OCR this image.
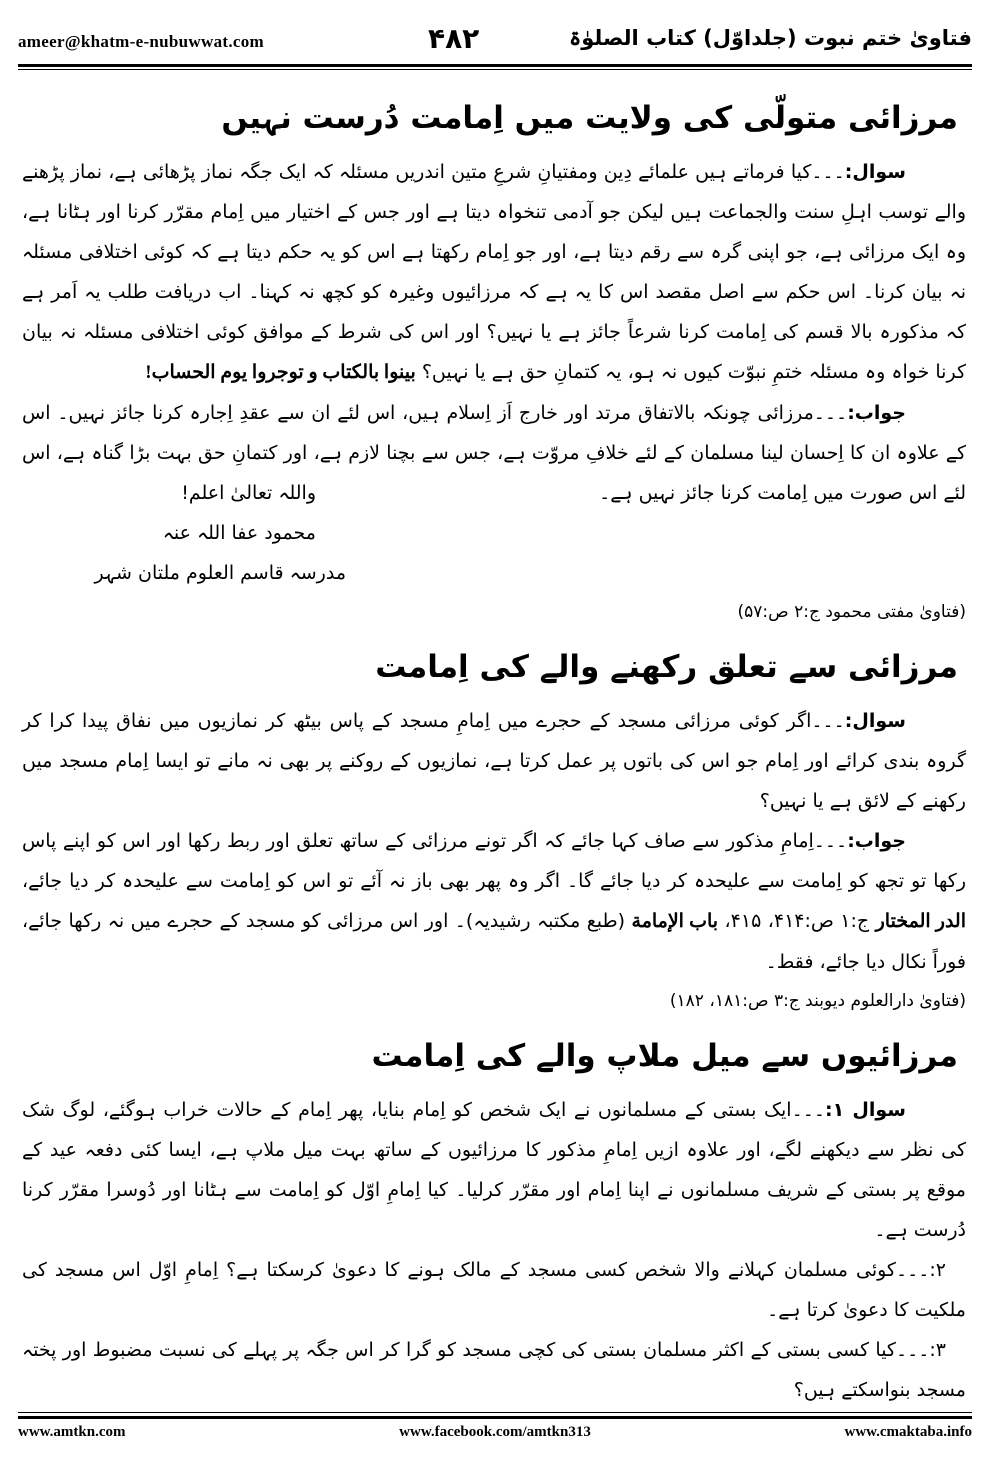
ameer@khatm-e-nubuwwat.com	۴۸۲	فتاویٰ ختم نبوت (جلداوّل) کتاب الصلوٰۃ
مرزائی متولّی کی ولایت میں اِمامت دُرست نہیں

سوال:۔۔۔کیا فرماتے ہیں علمائے دِین ومفتیانِ شرعِ متین اندریں مسئلہ کہ ایک جگہ نماز پڑھائی ہے، نماز پڑھنے والے توسب اہلِ سنت والجماعت ہیں لیکن جو آدمی تنخواہ دیتا ہے اور جس کے اختیار میں اِمام مقرّر کرنا اور ہٹانا ہے، وہ ایک مرزائی ہے، جو اپنی گرہ سے رقم دیتا ہے، اور جو اِمام رکھتا ہے اس کو یہ حکم دیتا ہے کہ کوئی اختلافی مسئلہ نہ بیان کرنا۔ اس حکم سے اصل مقصد اس کا یہ ہے کہ مرزائیوں وغیرہ کو کچھ نہ کہنا۔ اب دریافت طلب یہ اَمر ہے کہ مذکورہ بالا قسم کی اِمامت کرنا شرعاً جائز ہے یا نہیں؟ اور اس کی شرط کے موافق کوئی اختلافی مسئلہ نہ بیان کرنا خواہ وہ مسئلہ ختمِ نبوّت کیوں نہ ہو، یہ کتمانِ حق ہے یا نہیں؟ بینوا بالکتاب و توجروا یوم الحساب!

جواب:۔۔۔مرزائی چونکہ بالاتفاق مرتد اور خارج اَز اِسلام ہیں، اس لئے ان سے عقدِ اِجارہ کرنا جائز نہیں۔ اس کے علاوہ ان کا اِحسان لینا مسلمان کے لئے خلافِ مروّت ہے، جس سے بچنا لازم ہے، اور کتمانِ حق بہت بڑا گناہ ہے، اس لئے اس صورت میں اِمامت کرنا جائز نہیں ہے۔

واللہ تعالیٰ اعلم!

محمود عفا اللہ عنہ

مدرسہ قاسم العلوم ملتان شہر

(فتاویٰ مفتی محمود ج:۲ ص:۵۷)

مرزائی سے تعلق رکھنے والے کی اِمامت

سوال:۔۔۔اگر کوئی مرزائی مسجد کے حجرے میں اِمامِ مسجد کے پاس بیٹھ کر نمازیوں میں نفاق پیدا کرا کر گروہ بندی کرائے اور اِمام جو اس کی باتوں پر عمل کرتا ہے، نمازیوں کے روکنے پر بھی نہ مانے تو ایسا اِمام مسجد میں رکھنے کے لائق ہے یا نہیں؟

جواب:۔۔۔اِمامِ مذکور سے صاف کہا جائے کہ اگر تونے مرزائی کے ساتھ تعلق اور ربط رکھا اور اس کو اپنے پاس رکھا تو تجھ کو اِمامت سے علیحدہ کر دیا جائے گا۔ اگر وہ پھر بھی باز نہ آئے تو اس کو اِمامت سے علیحدہ کر دیا جائے، الدر المختار ج:۱ ص:۴۱۴، ۴۱۵، باب الإمامة (طبع مکتبہ رشیدیہ)۔ اور اس مرزائی کو مسجد کے حجرے میں نہ رکھا جائے، فوراً نکال دیا جائے، فقط۔

(فتاویٰ دارالعلوم دیوبند ج:۳ ص:۱۸۱، ۱۸۲)

مرزائیوں سے میل ملاپ والے کی اِمامت

سوال ۱:۔۔۔ایک بستی کے مسلمانوں نے ایک شخص کو اِمام بنایا، پھر اِمام کے حالات خراب ہوگئے، لوگ شک کی نظر سے دیکھنے لگے، اور علاوہ ازیں اِمامِ مذکور کا مرزائیوں کے ساتھ بہت میل ملاپ ہے، ایسا کئی دفعہ عید کے موقع پر بستی کے شریف مسلمانوں نے اپنا اِمام اور مقرّر کرلیا۔ کیا اِمامِ اوّل کو اِمامت سے ہٹانا اور دُوسرا مقرّر کرنا دُرست ہے۔

۲:۔۔۔کوئی مسلمان کہلانے والا شخص کسی مسجد کے مالک ہونے کا دعویٰ کرسکتا ہے؟ اِمامِ اوّل اس مسجد کی ملکیت کا دعویٰ کرتا ہے۔

۳:۔۔۔کیا کسی بستی کے اکثر مسلمان بستی کی کچی مسجد کو گرا کر اس جگہ پر پہلے کی نسبت مضبوط اور پختہ مسجد بنواسکتے ہیں؟

www.amtkn.com	www.facebook.com/amtkn313	www.cmaktaba.info
